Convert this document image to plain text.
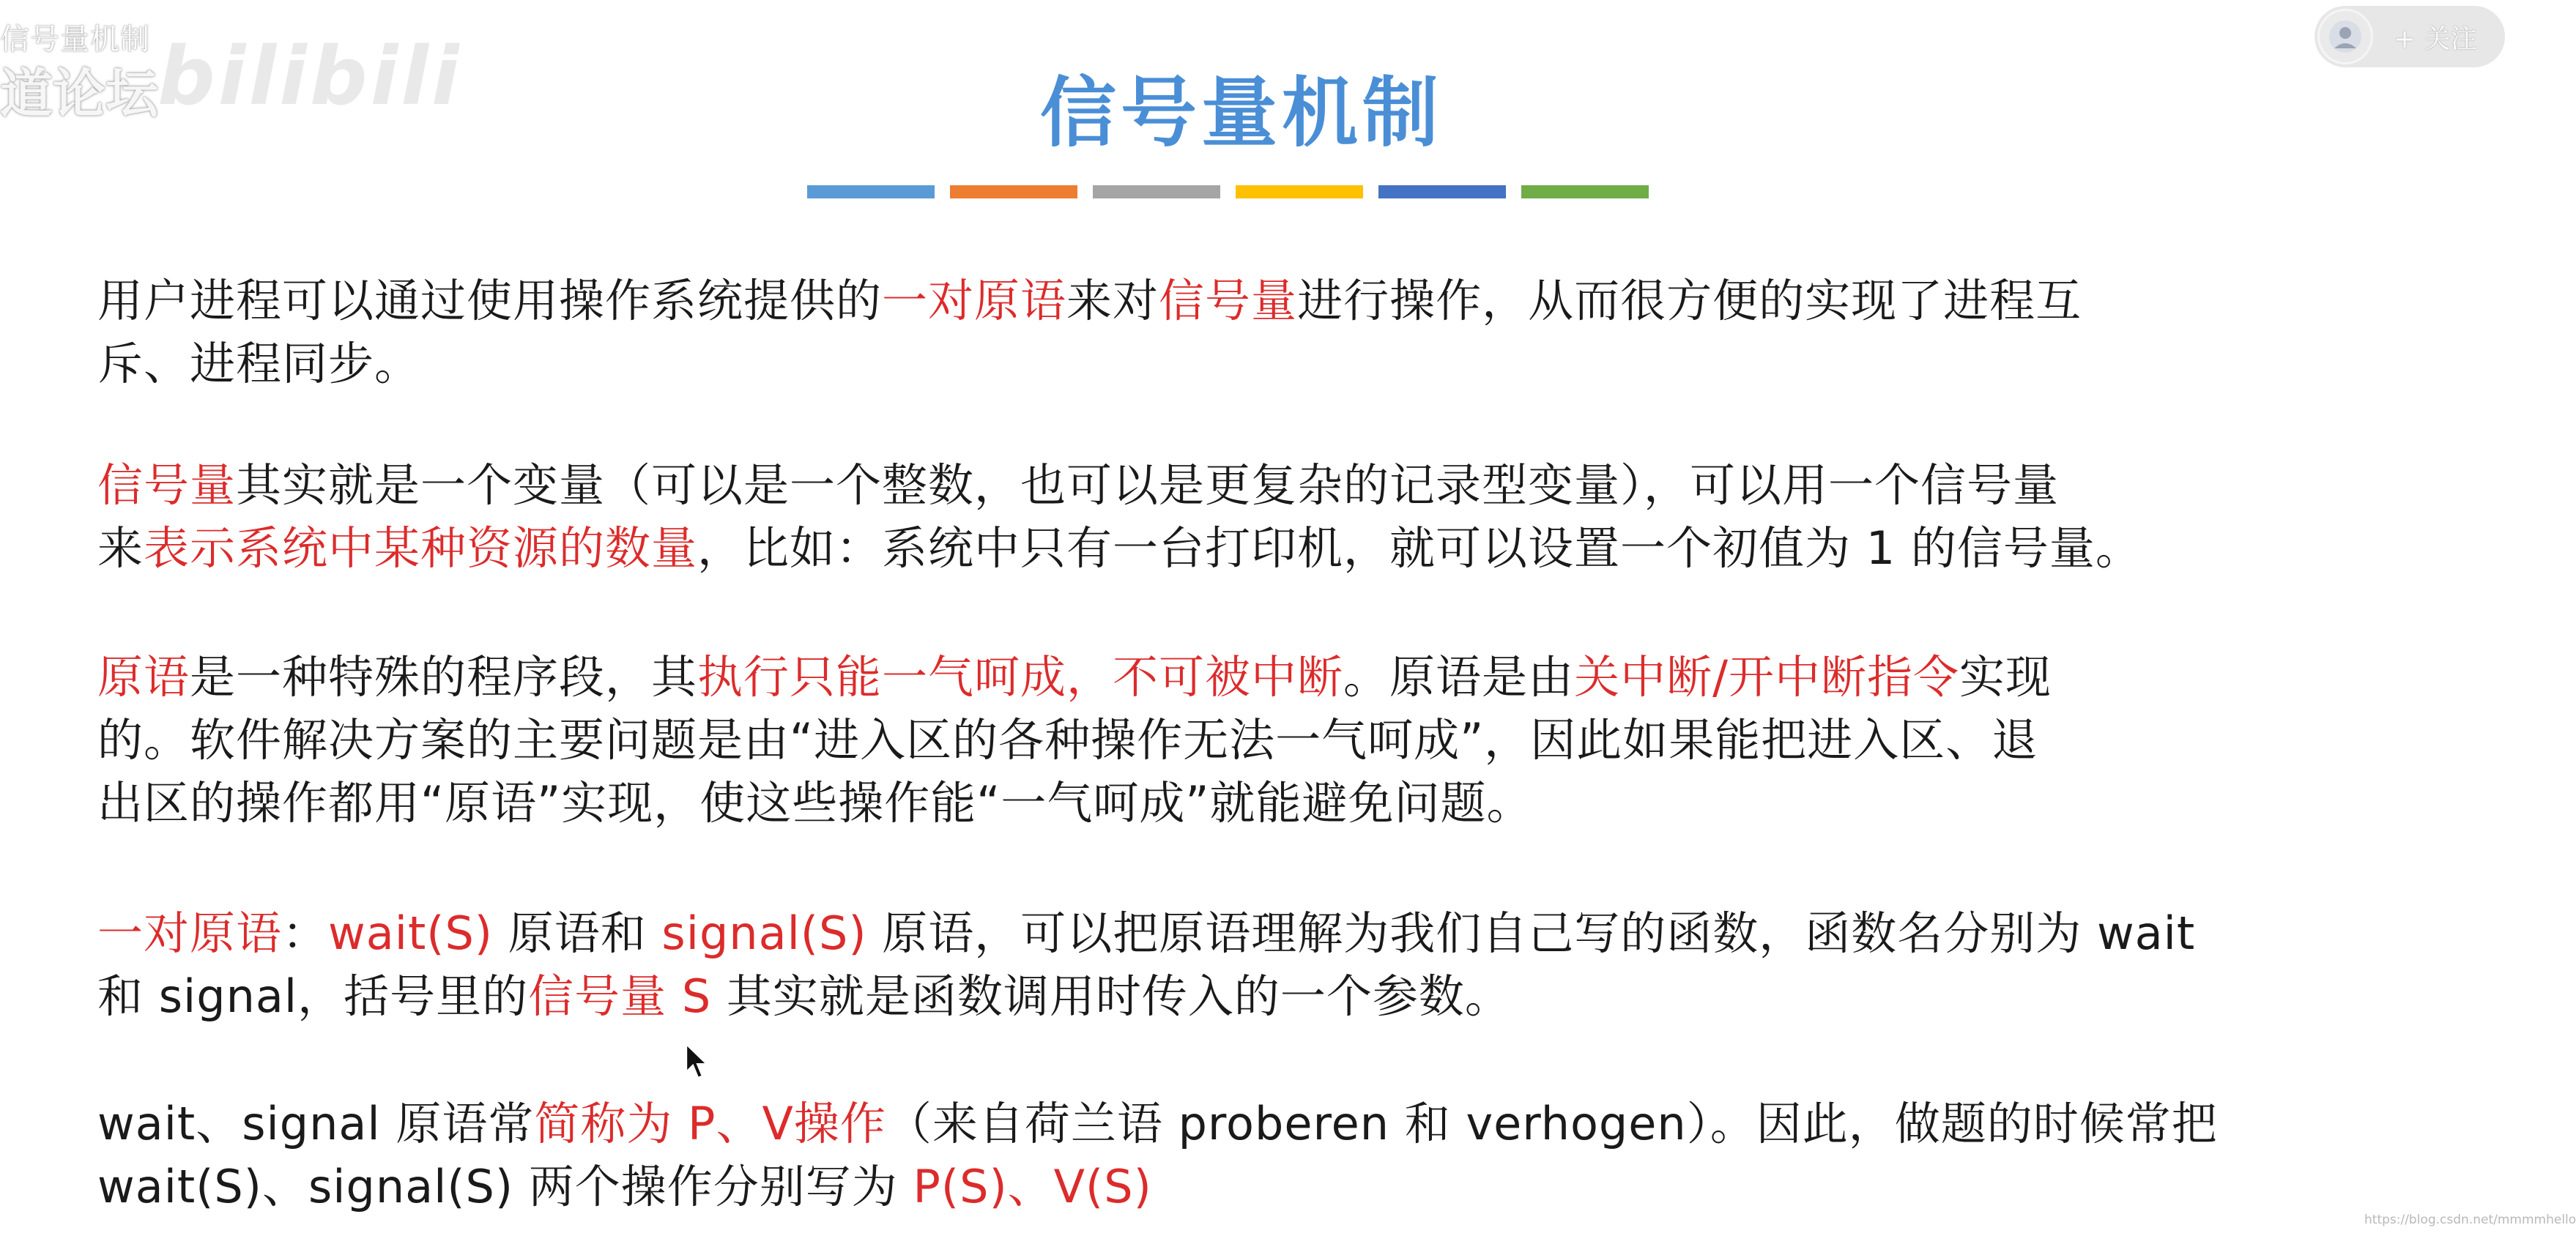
信号量机制
道论坛
bilibili	+ 关注
信号量机制
用户进程可以通过使用操作系统提供的一对原语来对信号量进行操作，从而很方便的实现了进程互
斥、进程同步。
信号量其实就是一个变量（可以是一个整数，也可以是更复杂的记录型变量），可以用一个信号量
来表示系统中某种资源的数量，比如：系统中只有一台打印机，就可以设置一个初值为 1 的信号量。
原语是一种特殊的程序段，其执行只能一气呵成，不可被中断。原语是由关中断/开中断指令实现
的。软件解决方案的主要问题是由“进入区的各种操作无法一气呵成”，因此如果能把进入区、退
出区的操作都用“原语”实现，使这些操作能“一气呵成”就能避免问题。
一对原语：wait(S) 原语和 signal(S) 原语，可以把原语理解为我们自己写的函数，函数名分别为 wait
和 signal，括号里的信号量 S 其实就是函数调用时传入的一个参数。
wait、signal 原语常简称为 P、V操作（来自荷兰语 proberen 和 verhogen）。因此，做题的时候常把
wait(S)、signal(S) 两个操作分别写为 P(S)、V(S)
https://blog.csdn.net/mmmmhello
